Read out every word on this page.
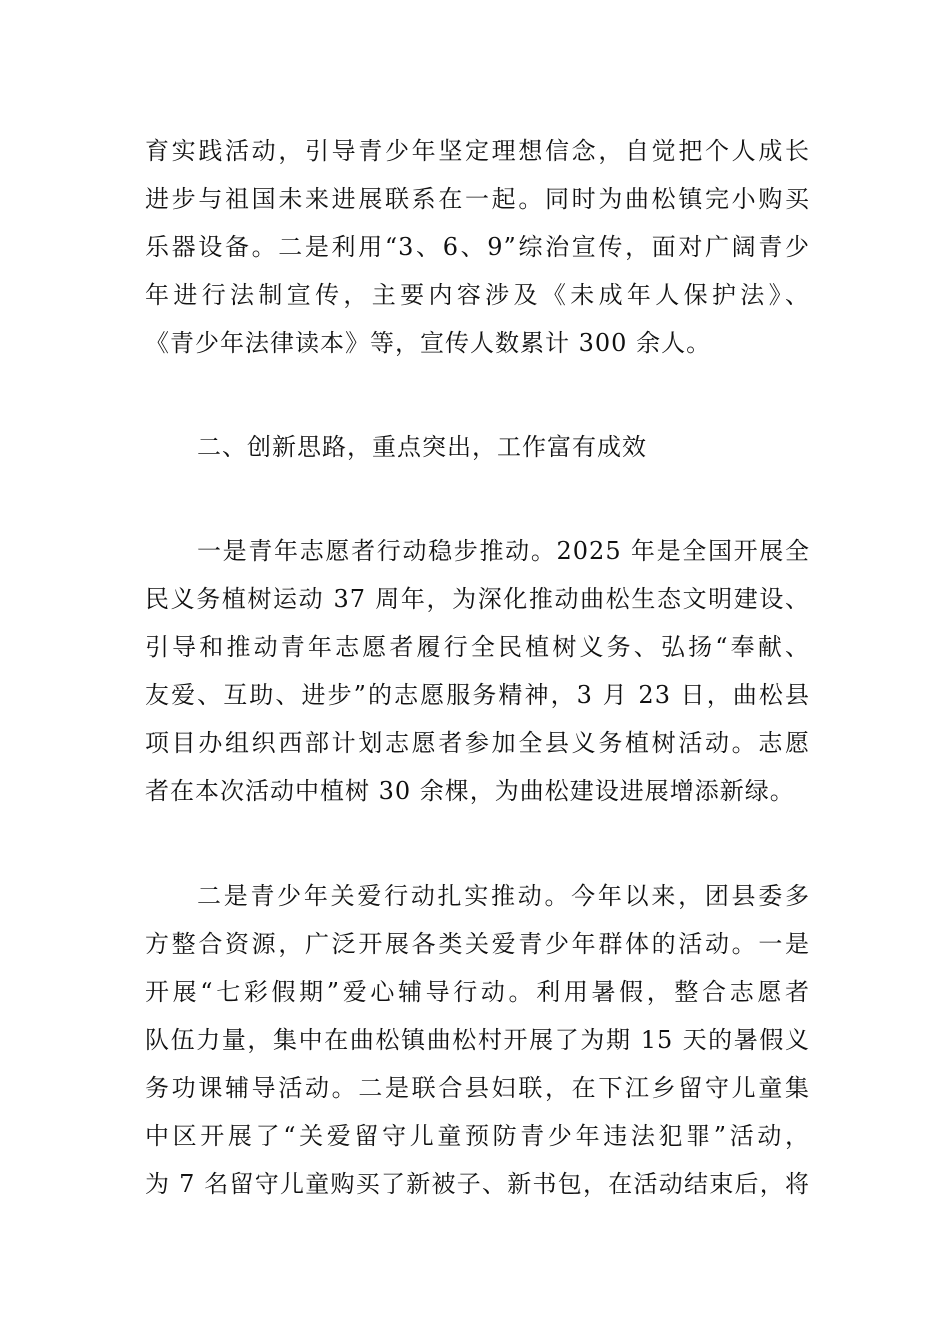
育实践活动，引导青少年坚定理想信念，自觉把个人成长
进步与祖国未来进展联系在一起。同时为曲松镇完小购买
乐器设备。二是利用“3、6、9”综治宣传，面对广阔青少
年进行法制宣传，主要内容涉及《未成年人保护法》、
《青少年法律读本》等，宣传人数累计 300 余人。
二、创新思路，重点突出，工作富有成效
一是青年志愿者行动稳步推动。2025 年是全国开展全
民义务植树运动 37 周年，为深化推动曲松生态文明建设、
引导和推动青年志愿者履行全民植树义务、弘扬“奉献、
友爱、互助、进步”的志愿服务精神，3 月 23 日，曲松县
项目办组织西部计划志愿者参加全县义务植树活动。志愿
者在本次活动中植树 30 余棵，为曲松建设进展增添新绿。
二是青少年关爱行动扎实推动。今年以来，团县委多
方整合资源，广泛开展各类关爱青少年群体的活动。一是
开展“七彩假期”爱心辅导行动。利用暑假，整合志愿者
队伍力量，集中在曲松镇曲松村开展了为期 15 天的暑假义
务功课辅导活动。二是联合县妇联，在下江乡留守儿童集
中区开展了“关爱留守儿童预防青少年违法犯罪”活动，
为 7 名留守儿童购买了新被子、新书包，在活动结束后，将
